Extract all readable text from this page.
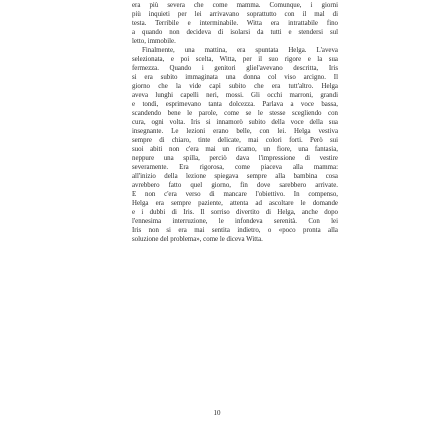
era più severa che come mamma. Comunque, i giorni
più inquieti per lei arrivavano soprattutto con il mal di
testa. Terribile e interminabile. Witta era intrattabile fino
a quando non decideva di isolarsi da tutti e stendersi sul
letto, immobile.
Finalmente, una mattina, era spuntata Helga. L'aveva
selezionata, e poi scelta, Witta, per il suo rigore e la sua
fermezza. Quando i genitori gliel'avevano descritta, Iris
si era subito immaginata una donna col viso arcigno. Il
giorno che la vide capì subito che era tutt'altro. Helga
aveva lunghi capelli neri, mossi. Gli occhi marroni, grandi
e tondi, esprimevano tanta dolcezza. Parlava a voce bassa,
scandendo bene le parole, come se le stesse scegliendo con
cura, ogni volta. Iris si innamorò subito della voce della sua
insegnante. Le lezioni erano belle, con lei. Helga vestiva
sempre di chiaro, tinte delicate, mai colori forti. Però sui
suoi abiti non c'era mai un ricamo, un fiore, una fantasia,
neppure una spilla, perciò dava l'impressione di vestire
severamente. Era rigorosa, come piaceva alla mamma:
all'inizio della lezione spiegava sempre alla bambina cosa
avrebbero fatto quel giorno, fin dove sarebbero arrivate.
E non c'era verso di mancare l'obiettivo. In compenso,
Helga era sempre paziente, attenta ad ascoltare le domande
e i dubbi di Iris. Il sorriso divertito di Helga, anche dopo
l'ennesima interruzione, le infondeva serenità. Con lei
Iris non si era mai sentita indietro, o «poco pronta alla
soluzione del problema», come le diceva Witta.
10
